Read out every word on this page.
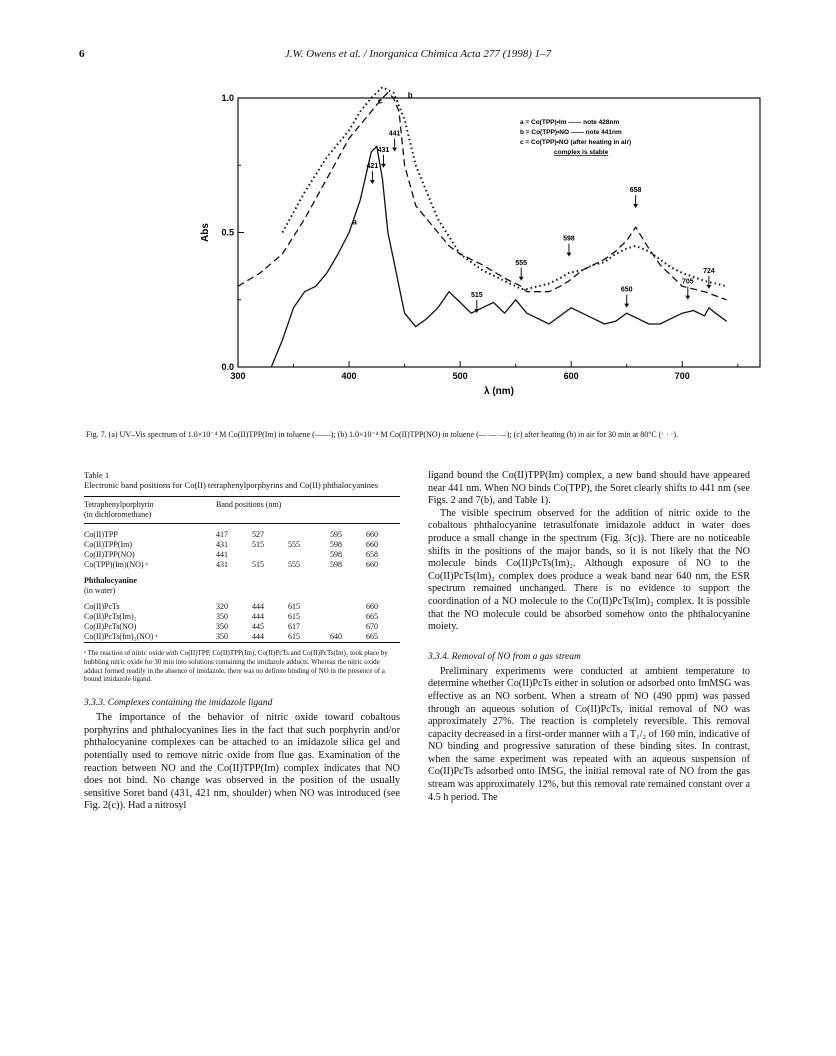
6	J.W. Owens et al. / Inorganica Chimica Acta 277 (1998) 1–7
300	400	500	600	700
0.0
0.5
1.0
λ (nm)
Abs
a
b
c
421
431
441
515
555
598
650
658
705
724
a = Co(TPP)•Im —— note 428nm
b = Co(TPP)•NO —— note 441nm
c = Co(TPP)•NO (after heating in air)
complex is stable

Fig. 7. (a) UV–Vis spectrum of 1.0×10⁻⁴ M Co(II)TPP(Im) in toluene (——); (b) 1.0×10⁻⁴ M Co(II)TPP(NO) in toluene (— — —); (c) after heating (b) in air for 30 min at 80°C (· · ·).

Table 1

Electronic band positions for Co(II) tetraphenylporphyrins and Co(II) phthalocyanines

Tetraphenylporphyrin
(in dichloromethane)	Band positions (nm)				

Co(II)TPP	417	527		595	660
Co(II)TPP(Im)	431	515	555	598	660
Co(II)TPP(NO)	441			598	658
Co(TPP)(Im)(NO) ᵃ	431	515	555	598	660
Phthalocyanine					
(in water)					

Co(II)PcTs	320	444	615		660
Co(II)PcTs(Im)₂	350	444	615		665
Co(II)PcTs(NO)	350	445	617		670
Co(II)PcTs(Im)₂(NO) ᵃ	350	444	615	640	665

ᵃ The reaction of nitric oxide with Co(II)TPP, Co(II)TPP(Im), Co(II)PcTs and Co(II)PcTs(Im)₂ took place by bubbling nitric oxide for 30 min into solutions containing the imidazole adducts. Whereas the nitric oxide adduct formed readily in the absence of imidazole, there was no definite binding of NO in the presence of a bound imidazole ligand.

3.3.3. Complexes containing the imidazole ligand

The importance of the behavior of nitric oxide toward cobaltous porphyrins and phthalocyanines lies in the fact that such porphyrin and/or phthalocyanine complexes can be attached to an imidazole silica gel and potentially used to remove nitric oxide from flue gas. Examination of the reaction between NO and the Co(II)TPP(Im) complex indicates that NO does not bind. No change was observed in the position of the usually sensitive Soret band (431, 421 nm, shoulder) when NO was introduced (see Fig. 2(c)). Had a nitrosyl

ligand bound the Co(II)TPP(Im) complex, a new band should have appeared near 441 nm. When NO binds Co(TPP), the Soret clearly shifts to 441 nm (see Figs. 2 and 7(b), and Table 1).

The visible spectrum observed for the addition of nitric oxide to the cobaltous phthalocyanine tetrasulfonate imidazole adduct in water does produce a small change in the spectrum (Fig. 3(c)). There are no noticeable shifts in the positions of the major bands, so it is not likely that the NO molecule binds Co(II)PcTs(Im)₂. Although exposure of NO to the Co(II)PcTs(Im)₂ complex does produce a weak band near 640 nm, the ESR spectrum remained unchanged. There is no evidence to support the coordination of a NO molecule to the Co(II)PcTs(Im)₂ complex. It is possible that the NO molecule could be absorbed somehow onto the phthalocyanine moiety.

3.3.4. Removal of NO from a gas stream

Preliminary experiments were conducted at ambient temperature to determine whether Co(II)PcTs either in solution or adsorbed onto ImMSG was effective as an NO sorbent. When a stream of NO (490 ppm) was passed through an aqueous solution of Co(II)PcTs, initial removal of NO was approximately 27%. The reaction is completely reversible. This removal capacity decreased in a first-order manner with a T₁/₂ of 160 min, indicative of NO binding and progressive saturation of these binding sites. In contrast, when the same experiment was repeated with an aqueous suspension of Co(II)PcTs adsorbed onto IMSG, the initial removal rate of NO from the gas stream was approximately 12%, but this removal rate remained constant over a 4.5 h period. The
